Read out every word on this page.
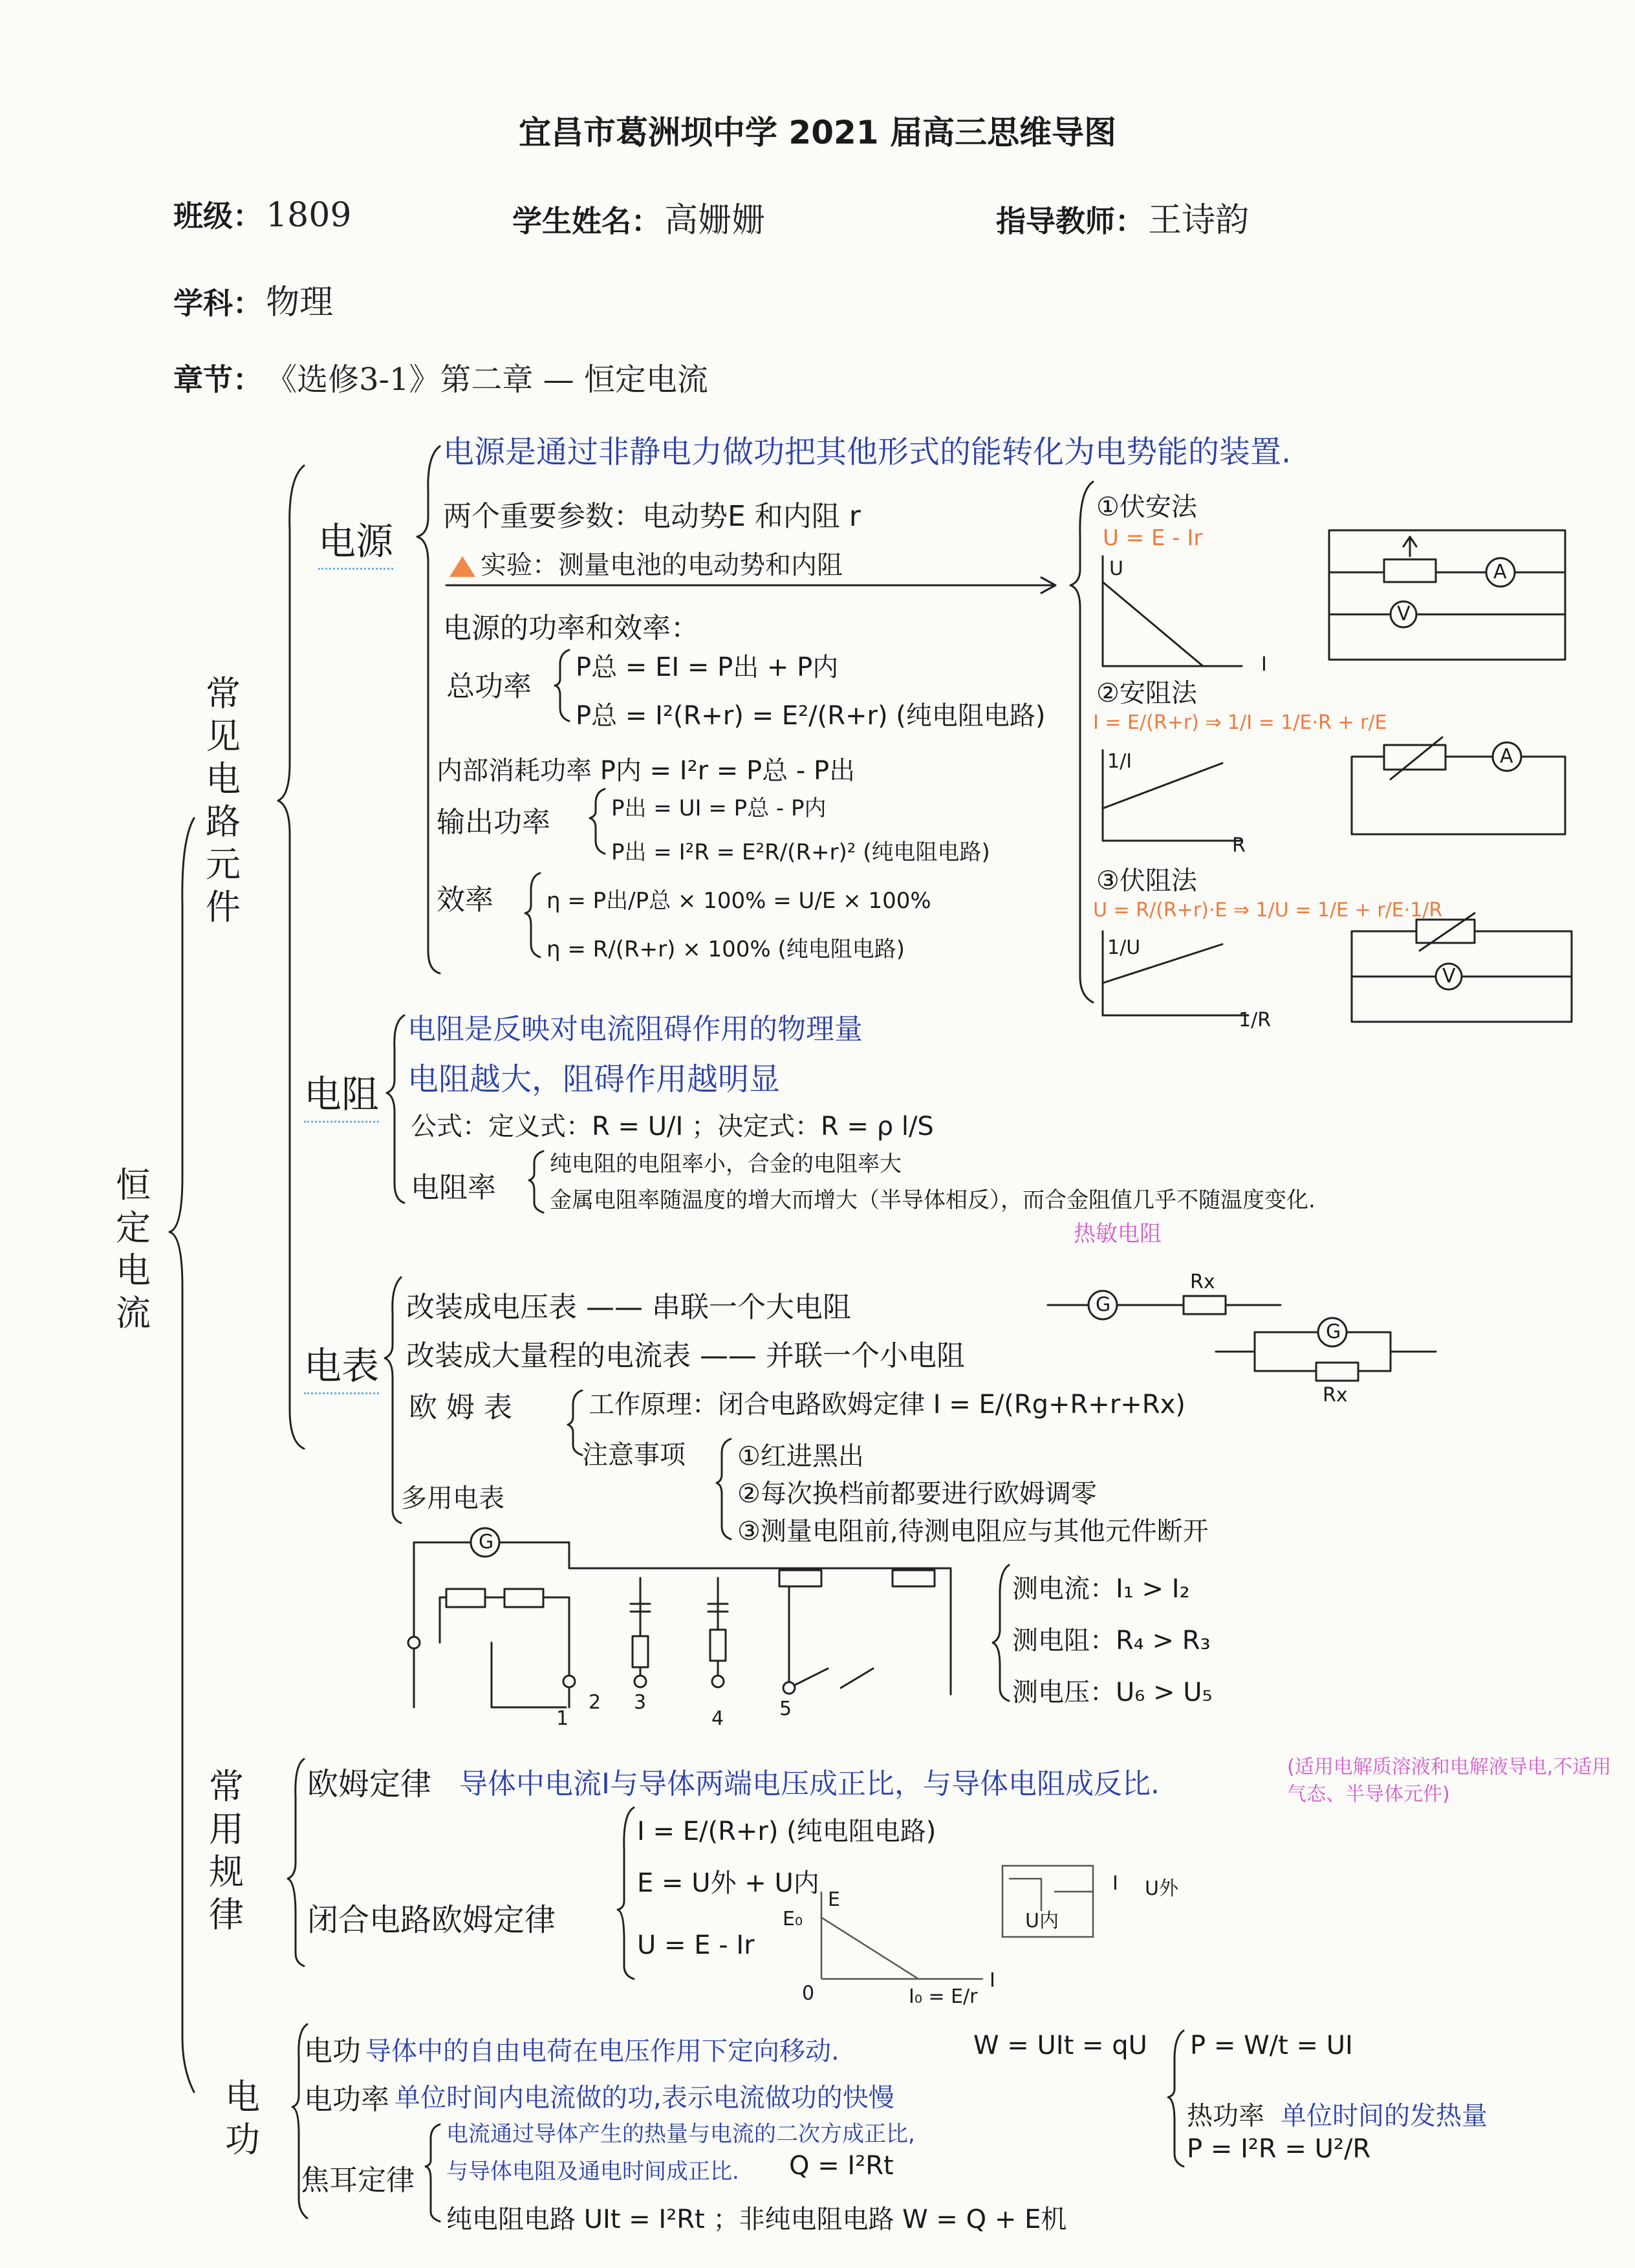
宜昌市葛洲坝中学 2021 届高三思维导图
班级： 1809	学生姓名： 高姗姗	指导教师： 王诗韵
学科： 物理
章节： 《选修3-1》第二章 — 恒定电流
恒定电流
常见电路元件
电源
电源是通过非静电力做功把其他形式的能转化为电势能的装置.
两个重要参数：电动势E 和内阻 r
实验：测量电池的电动势和内阻
电源的功率和效率：
总功率
P总 = EI = P出 + P内
P总 = I²(R+r) = E²/(R+r) (纯电阻电路)
内部消耗功率 P内 = I²r = P总 - P出
输出功率	P出 = UI = P总 - P内
P出 = I²R = E²R/(R+r)² (纯电阻电路)
效率 η = P出/P总 × 100% = U/E × 100%
η = R/(R+r) × 100% (纯电阻电路)
①伏安法
U = E - Ir
U
I
②安阻法
I = E/(R+r) ⇒ 1/I = 1/E·R + r/E
1/I
R
③伏阻法
U = R/(R+r)·E ⇒ 1/U = 1/E + r/E·1/R
1/U
1/R
A
V
A
V
电阻
电阻是反映对电流阻碍作用的物理量
电阻越大，阻碍作用越明显
公式：定义式：R = U/I ；决定式：R = ρ l/S
电阻率
纯电阻的电阻率小，合金的电阻率大
金属电阻率随温度的增大而增大（半导体相反），而合金阻值几乎不随温度变化.
热敏电阻
电表
改装成电压表 —— 串联一个大电阻
改装成大量程的电流表 —— 并联一个小电阻
欧 姆 表	工作原理：闭合电路欧姆定律 I = E/(Rg+R+r+Rx)
注意事项 ①红进黑出
②每次换档前都要进行欧姆调零
③测量电阻前,待测电阻应与其他元件断开
多用电表
测电流：I₁ > I₂
测电阻：R₄ > R₃
测电压：U₆ > U₅
G
G
G
Rx
Rx
1
2 3
4	5
常用规律
欧姆定律 导体中电流I与导体两端电压成正比，与导体电阻成反比.
(适用电解质溶液和电解液导电,不适用气态、半导体元件)
闭合电路欧姆定律
I = E/(R+r) (纯电阻电路)
E = U外 + U内
U = E - Ir
U内
I U外
E₀
E
0	I₀ = E/r
I
电功
电功 导体中的自由电荷在电压作用下定向移动.	W = UIt = qU
电功率 单位时间内电流做的功,表示电流做功的快慢
P = W/t = UI
热功率 单位时间的发热量
P = I²R = U²/R
焦耳定律
电流通过导体产生的热量与电流的二次方成正比,
与导体电阻及通电时间成正比. Q = I²Rt
纯电阻电路 UIt = I²Rt ；非纯电阻电路 W = Q + E机
